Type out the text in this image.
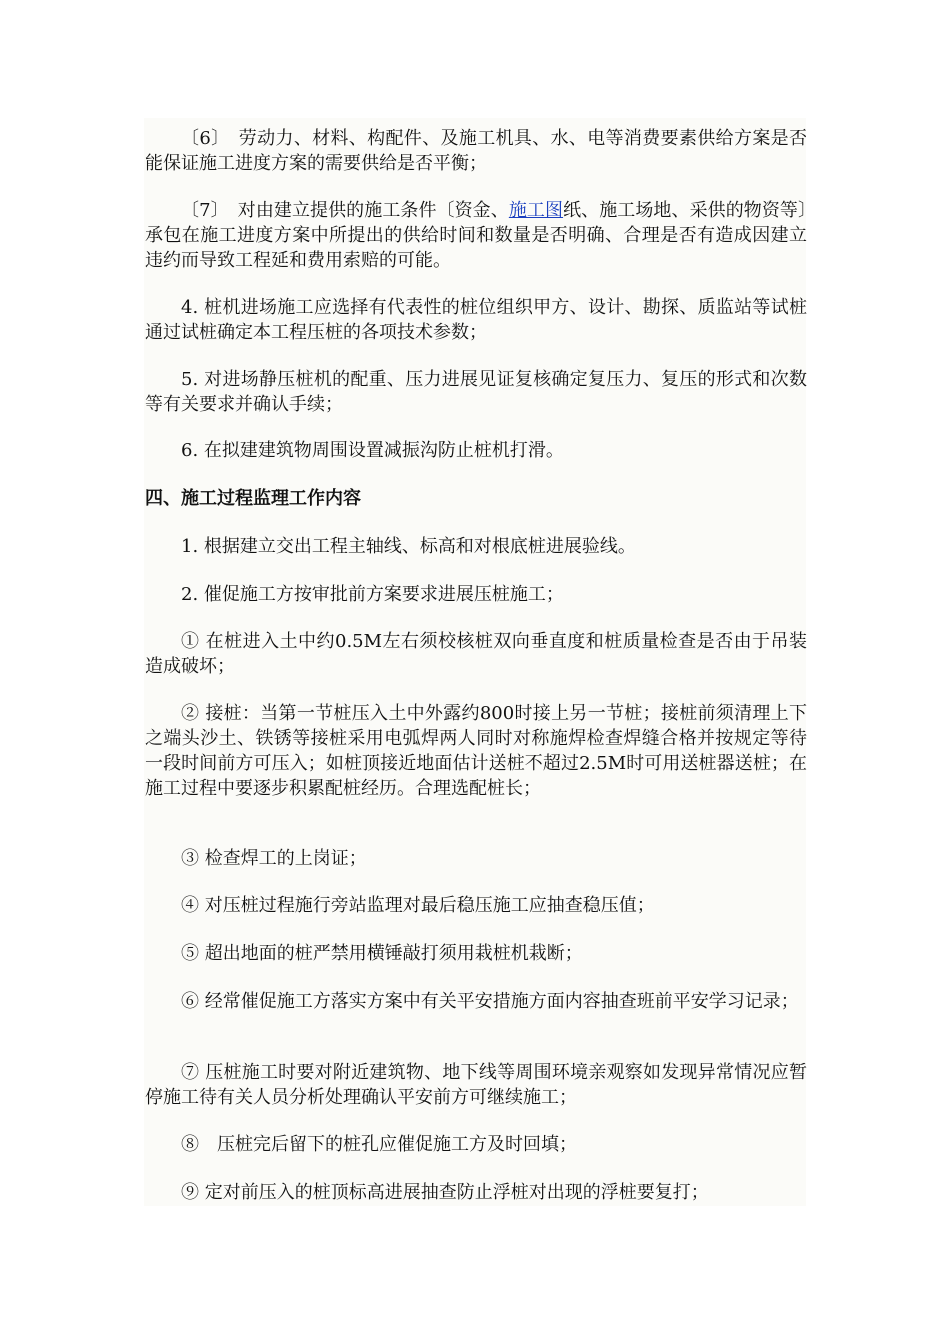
〔6〕　劳动力、材料、构配件、及施工机具、水、电等消费要素供给方案是否能保证施工进度方案的需要供给是否平衡；

〔7〕　对由建立提供的施工条件〔资金、施工图纸、施工场地、采供的物资等〕承包在施工进度方案中所提出的供给时间和数量是否明确、合理是否有造成因建立违约而导致工程延和费用索赔的可能。

4. 桩机进场施工应选择有代表性的桩位组织甲方、设计、勘探、质监站等试桩通过试桩确定本工程压桩的各项技术参数；

5. 对进场静压桩机的配重、压力进展见证复核确定复压力、复压的形式和次数等有关要求并确认手续；

6. 在拟建建筑物周围设置减振沟防止桩机打滑。

四、施工过程监理工作内容

1. 根据建立交出工程主轴线、标高和对根底桩进展验线。

2. 催促施工方按审批前方案要求进展压桩施工；

① 在桩进入土中约0.5M左右须校核桩双向垂直度和桩质量检查是否由于吊装造成破坏；

② 接桩：当第一节桩压入土中外露约800时接上另一节桩；接桩前须清理上下之端头沙土、铁锈等接桩采用电弧焊两人同时对称施焊检查焊缝合格并按规定等待一段时间前方可压入；如桩顶接近地面估计送桩不超过2.5M时可用送桩器送桩；在施工过程中要逐步积累配桩经历。合理选配桩长；

③ 检查焊工的上岗证；

④ 对压桩过程施行旁站监理对最后稳压施工应抽查稳压值；

⑤ 超出地面的桩严禁用横锤敲打须用栽桩机栽断；

⑥ 经常催促施工方落实方案中有关平安措施方面内容抽查班前平安学习记录；

⑦ 压桩施工时要对附近建筑物、地下线等周围环境亲观察如发现异常情况应暂停施工待有关人员分析处理确认平安前方可继续施工；

⑧　压桩完后留下的桩孔应催促施工方及时回填；

⑨ 定对前压入的桩顶标高进展抽查防止浮桩对出现的浮桩要复打；
